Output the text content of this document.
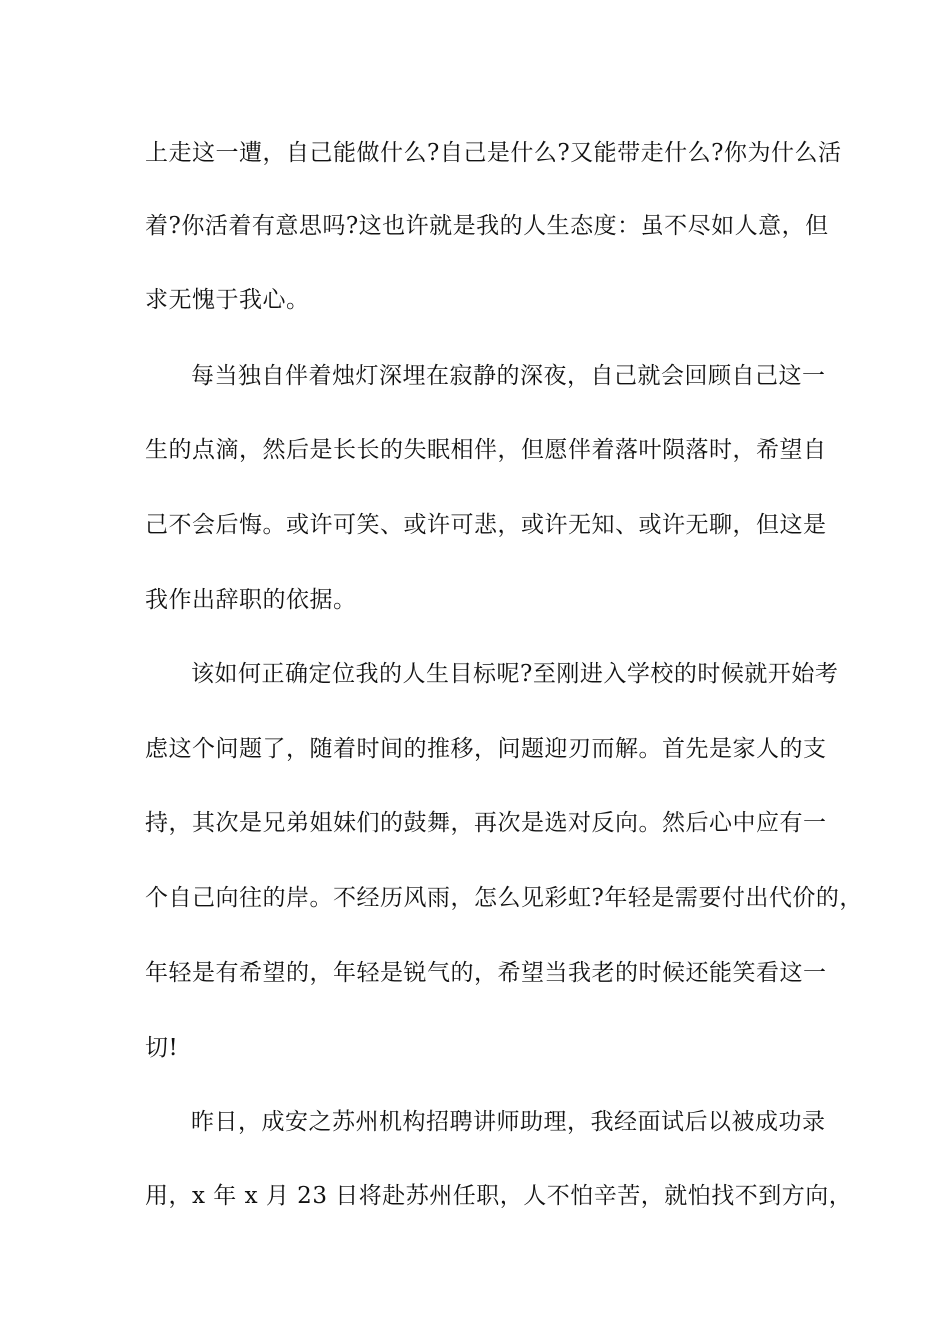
上走这一遭，自己能做什么?自己是什么?又能带走什么?你为什么活
着?你活着有意思吗?这也许就是我的人生态度：虽不尽如人意，但
求无愧于我心。
每当独自伴着烛灯深埋在寂静的深夜，自己就会回顾自己这一
生的点滴，然后是长长的失眠相伴，但愿伴着落叶陨落时，希望自
己不会后悔。或许可笑、或许可悲，或许无知、或许无聊，但这是
我作出辞职的依据。
该如何正确定位我的人生目标呢?至刚进入学校的时候就开始考
虑这个问题了，随着时间的推移，问题迎刃而解。首先是家人的支
持，其次是兄弟姐妹们的鼓舞，再次是选对反向。然后心中应有一
个自己向往的岸。不经历风雨，怎么见彩虹?年轻是需要付出代价的，
年轻是有希望的，年轻是锐气的，希望当我老的时候还能笑看这一
切!
昨日，成安之苏州机构招聘讲师助理，我经面试后以被成功录
用，x 年 x 月 23 日将赴苏州任职，人不怕辛苦，就怕找不到方向，
